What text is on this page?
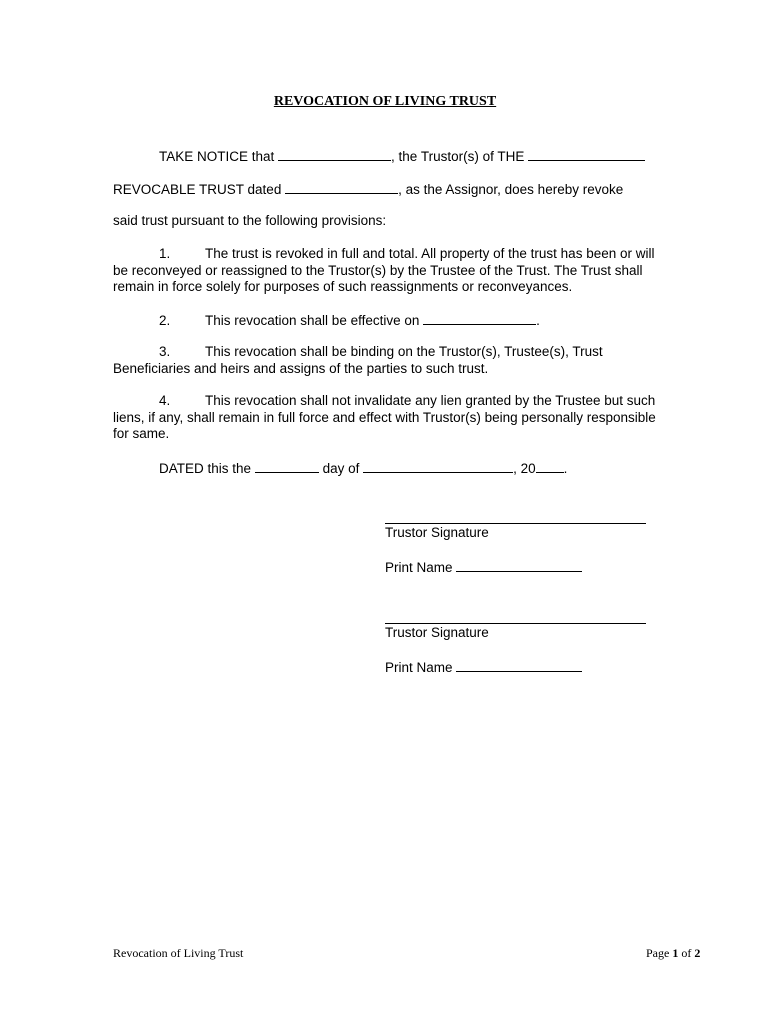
REVOCATION OF LIVING TRUST
TAKE NOTICE that	, the Trustor(s) of THE
REVOCABLE TRUST dated	, as the Assignor, does hereby revoke
said trust pursuant to the following provisions:
1.	The trust is revoked in full and total. All property of the trust has been or will be reconveyed or reassigned to the Trustor(s) by the Trustee of the Trust. The Trust shall remain in force solely for purposes of such reassignments or reconveyances.
2.	This revocation shall be effective on	.
3.	This revocation shall be binding on the Trustor(s), Trustee(s), Trust Beneficiaries and heirs and assigns of the parties to such trust.
4.	This revocation shall not invalidate any lien granted by the Trustee but such liens, if any, shall remain in full force and effect with Trustor(s) being personally responsible for same.
DATED this the	day of	, 20 .
Trustor Signature
Print Name
Trustor Signature
Print Name
Revocation of Living Trust	Page 1 of 2
